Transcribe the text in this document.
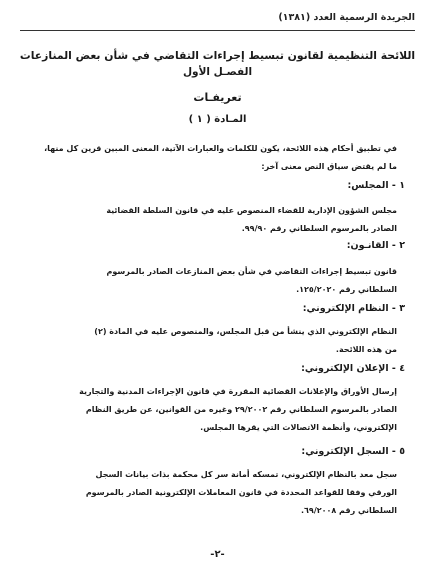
الجريدة الرسمية العدد (١٣٨١)
اللائحة التنظيمية لقانون تبسيط إجراءات التقاضي في شأن بعض المنازعات
الفصـل الأول
تعريفـات
المـادة ( ١ )

في تطبيق أحكام هذه اللائحة، يكون للكلمات والعبارات الآتية، المعنى المبين قرين كل منها،

ما لم يقتض سياق النص معنى آخر:

١ - المجلس:

مجلس الشؤون الإدارية للقضاء المنصوص عليه في قانون السلطة القضائية

الصادر بالمرسوم السلطاني رقم ٩٩/٩٠.

٢ - القانـون:

قانون تبسيط إجراءات التقاضي في شأن بعض المنازعات الصادر بالمرسوم

السلطاني رقم ١٢٥/٢٠٢٠.

٣ - النظام الإلكتروني:

النظام الإلكتروني الذي ينشأ من قبل المجلس، والمنصوص عليه في المادة (٢)

من هذه اللائحة.

٤ - الإعلان الإلكتروني:

إرسال الأوراق والإعلانات القضائية المقررة في قانون الإجراءات المدنية والتجارية

الصادر بالمرسوم السلطاني رقم ٢٩/٢٠٠٢ وغيره من القوانين، عن طريق النظام

الإلكتروني، وأنظمة الاتصالات التي يقرها المجلس.

٥ - السجل الإلكتروني:

سجل معد بالنظام الإلكتروني، تمسكه أمانة سر كل محكمة بذات بيانات السجل

الورقي وفقا للقواعد المحددة في قانون المعاملات الإلكترونية الصادر بالمرسوم

السلطاني رقم ٦٩/٢٠٠٨.

-٢-
